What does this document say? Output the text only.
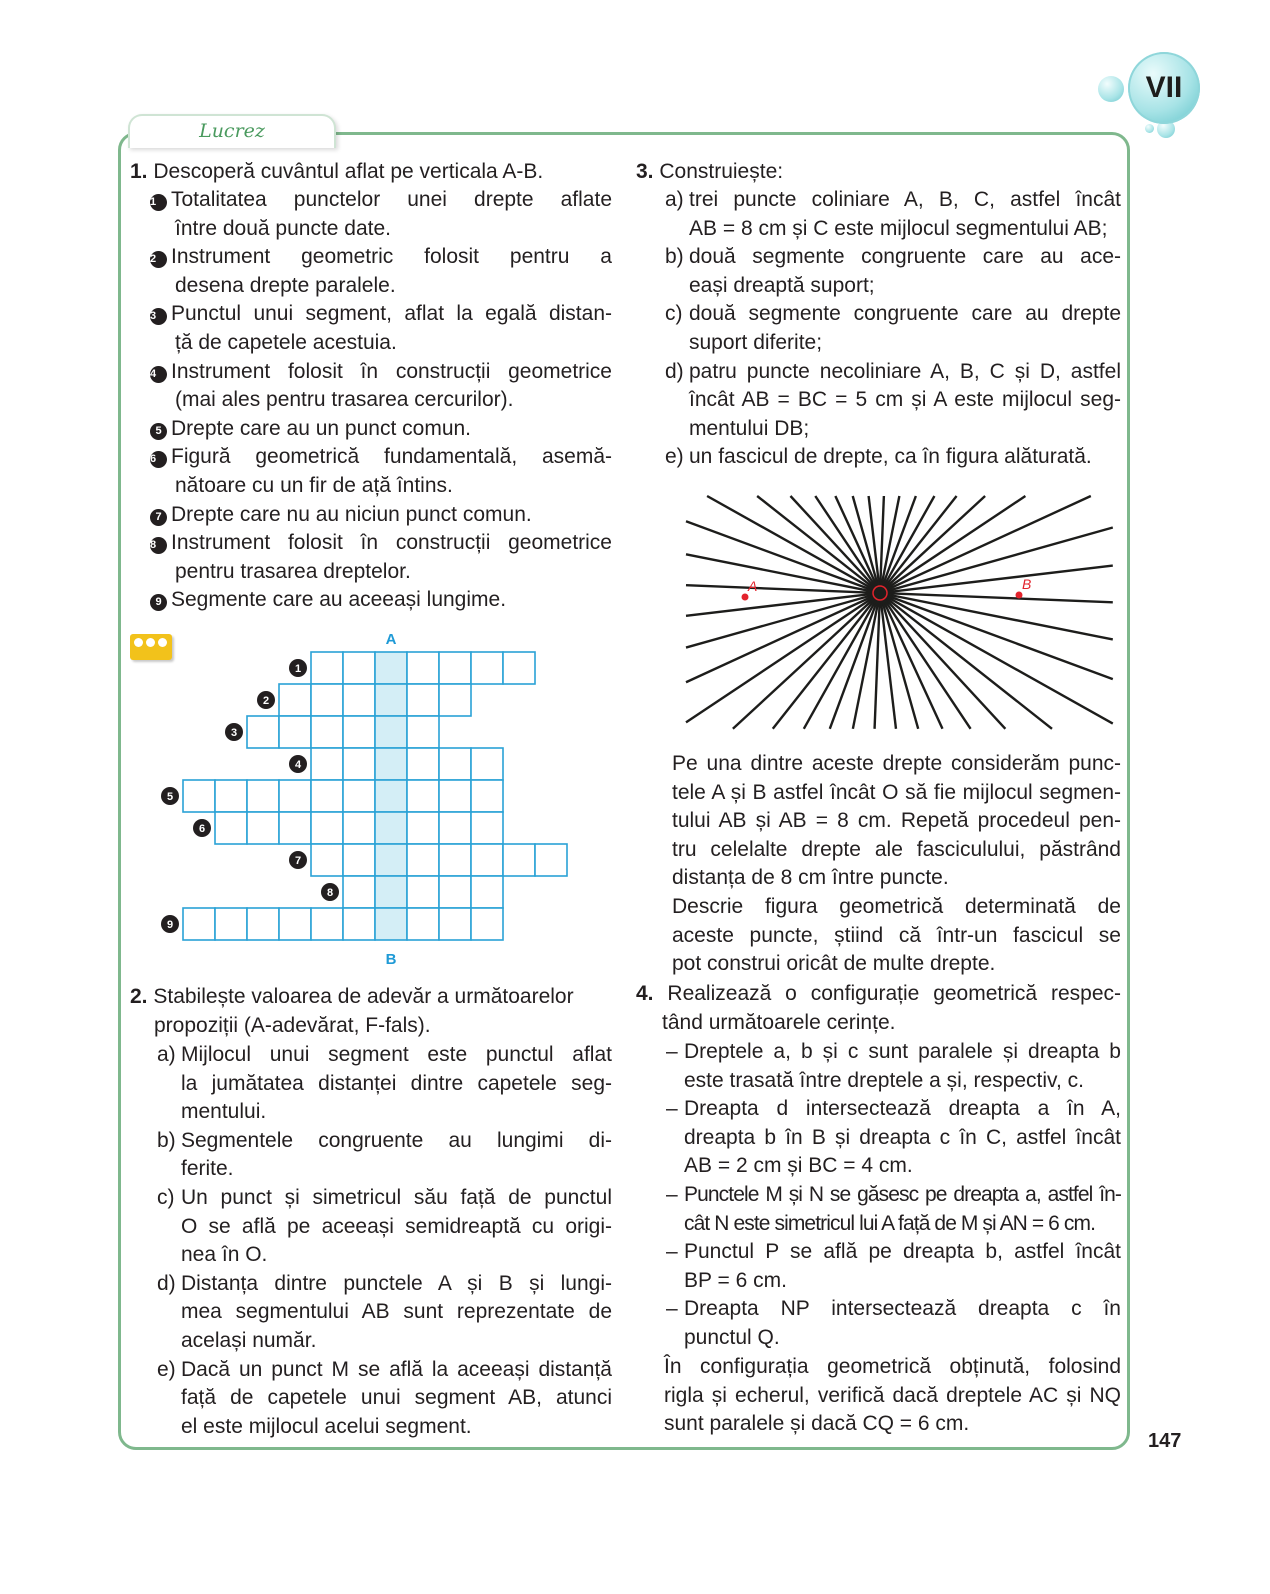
VII
Lucrez
1. Descoperă cuvântul aflat pe verticala A-B.
1 Totalitatea punctelor unei drepte aflate
între două puncte date.
2 Instrument geometric folosit pentru a
desena drepte paralele.
3 Punctul unui segment, aflat la egală distan-
ță de capetele acestuia.
4 Instrument folosit în construcții geometrice
(mai ales pentru trasarea cercurilor).
5 Drepte care au un punct comun.
6 Figură geometrică fundamentală, asemă-
nătoare cu un fir de ață întins.
7 Drepte care nu au niciun punct comun.
8 Instrument folosit în construcții geometrice
pentru trasarea dreptelor.
9 Segmente care au aceeași lungime.
1
2
3
4
5
6
7
8
9
A
B
2. Stabilește valoarea de adevăr a următoarelor
propoziții (A-adevărat, F-fals).
a) Mijlocul unui segment este punctul aflat
la jumătatea distanței dintre capetele seg-
mentului.
b) Segmentele congruente au lungimi di-
ferite.
c) Un punct și simetricul său față de punctul
O se află pe aceeași semidreaptă cu origi-
nea în O.
d) Distanța dintre punctele A și B și lungi-
mea segmentului AB sunt reprezentate de
același număr.
e) Dacă un punct M se află la aceeași distanță
față de capetele unui segment AB, atunci
el este mijlocul acelui segment.
3. Construiește:
a) trei puncte coliniare A, B, C, astfel încât
AB = 8 cm și C este mijlocul segmentului AB;
b) două segmente congruente care au ace-
eași dreaptă suport;
c) două segmente congruente care au drepte
suport diferite;
d) patru puncte necoliniare A, B, C și D, astfel
încât AB = BC = 5 cm și A este mijlocul seg-
mentului DB;
e) un fascicul de drepte, ca în figura alăturată.
A	B
Pe una dintre aceste drepte considerăm punc-
tele A și B astfel încât O să fie mijlocul segmen-
tului AB și AB = 8 cm. Repetă procedeul pen-
tru celelalte drepte ale fasciculului, păstrând
distanța de 8 cm între puncte.
Descrie figura geometrică determinată de
aceste puncte, știind că într-un fascicul se
pot construi oricât de multe drepte.
4. Realizează o configurație geometrică respec-
tând următoarele cerințe.
– Dreptele a, b și c sunt paralele și dreapta b
este trasată între dreptele a și, respectiv, c.
– Dreapta d intersectează dreapta a în A,
dreapta b în B și dreapta c în C, astfel încât
AB = 2 cm și BC = 4 cm.
– Punctele M și N se găsesc pe dreapta a, astfel în-
cât N este simetricul lui A față de M și AN = 6 cm.
– Punctul P se află pe dreapta b, astfel încât
BP = 6 cm.
– Dreapta NP intersectează dreapta c în
punctul Q.
În configurația geometrică obținută, folosind
rigla și echerul, verifică dacă dreptele AC și NQ
sunt paralele și dacă CQ = 6 cm.
147
